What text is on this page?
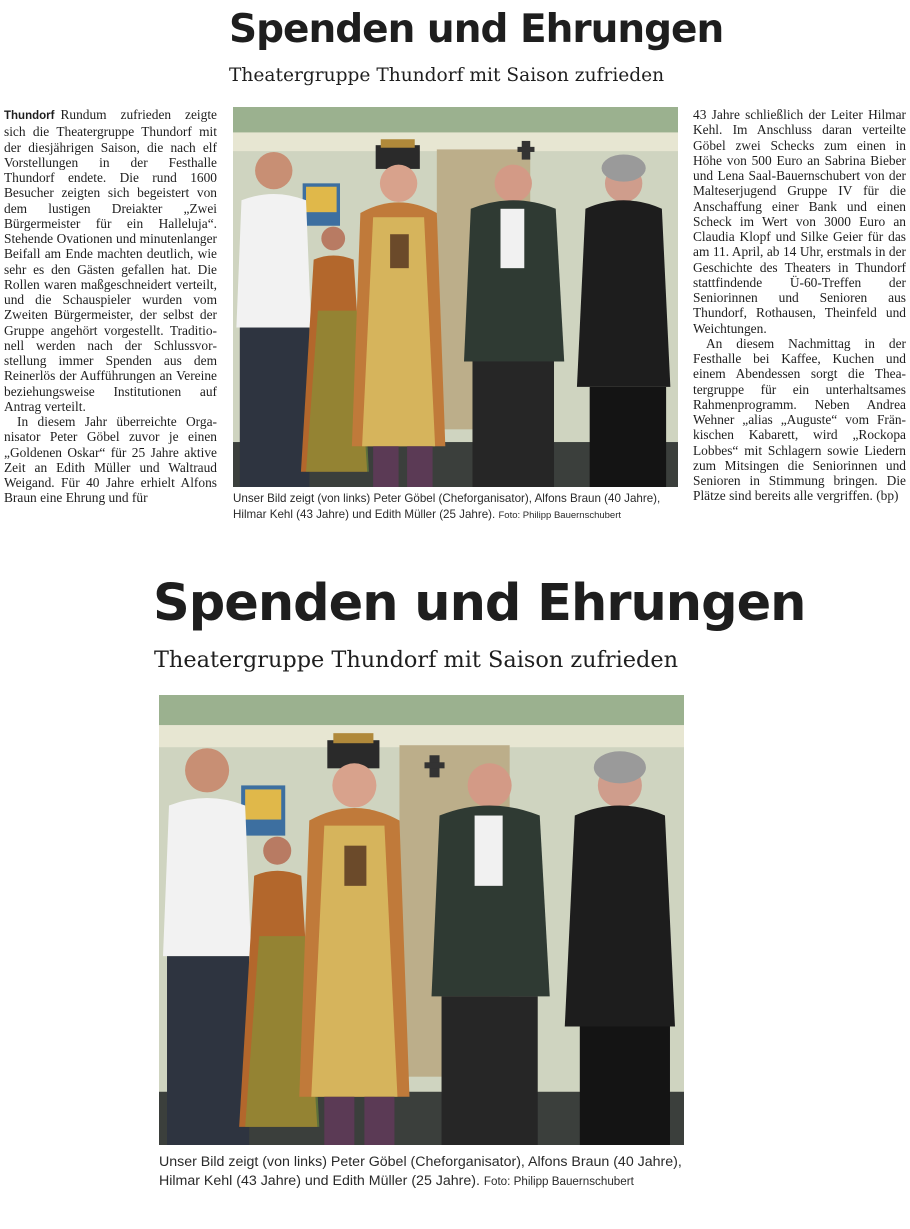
Spenden und Ehrungen
Theatergruppe Thundorf mit Saison zufrieden

Thundorf Rundum zufrieden zeigte sich die Theatergruppe Thundorf mit der diesjährigen Saison, die nach elf Vorstellungen in der Festhalle Thundorf endete. Die rund 1600 Besucher zeigten sich begeistert von dem lustigen Dreiakter „Zwei Bürgermeister für ein Halleluja“. Stehende Ovationen und minutenlanger Beifall am Ende machten deutlich, wie sehr es den Gästen gefallen hat. Die Rollen waren maßgeschneidert verteilt, und die Schauspieler wurden vom Zweiten Bürgermeister, der selbst der Gruppe angehört vorgestellt. Traditionell werden nach der Schlussvorstellung immer Spenden aus dem Reinerlös der Aufführungen an Vereine beziehungsweise Institutionen auf Antrag verteilt.

In diesem Jahr überreichte Organisator Peter Göbel zuvor je einen „Goldenen Oskar“ für 25 Jahre aktive Zeit an Edith Müller und Waltraud Weigand. Für 40 Jahre erhielt Alfons Braun eine Ehrung und für	Unser Bild zeigt (von links) Peter Göbel (Cheforganisator), Alfons Braun (40 Jahre), Hilmar Kehl (43 Jahre) und Edith Müller (25 Jahre). Foto: Philipp Bauernschubert

43 Jahre schließlich der Leiter Hilmar Kehl. Im Anschluss daran verteilte Göbel zwei Schecks zum einen in Höhe von 500 Euro an Sabrina Bieber und Lena Saal-Bauernschubert von der Malteserjugend Gruppe IV für die Anschaffung einer Bank und einen Scheck im Wert von 3000 Euro an Claudia Klopf und Silke Geier für das am 11. April, ab 14 Uhr, erstmals in der Geschichte des Theaters in Thundorf stattfindende Ü-60-Treffen der Seniorinnen und Senioren aus Thundorf, Rothausen, Theinfeld und Weichtungen.

An diesem Nachmittag in der Festhalle bei Kaffee, Kuchen und einem Abendessen sorgt die Theatergruppe für ein unterhaltsames Rahmenprogramm. Neben Andrea Wehner „alias „Auguste“ vom Fränkischen Kabarett, wird „Rockopa Lobbes“ mit Schlagern sowie Liedern zum Mitsingen die Seniorinnen und Senioren in Stimmung bringen. Die Plätze sind bereits alle vergriffen. (bp)

Spenden und Ehrungen
Theatergruppe Thundorf mit Saison zufrieden
Unser Bild zeigt (von links) Peter Göbel (Cheforganisator), Alfons Braun (40 Jahre), Hilmar Kehl (43 Jahre) und Edith Müller (25 Jahre). Foto: Philipp Bauernschubert
